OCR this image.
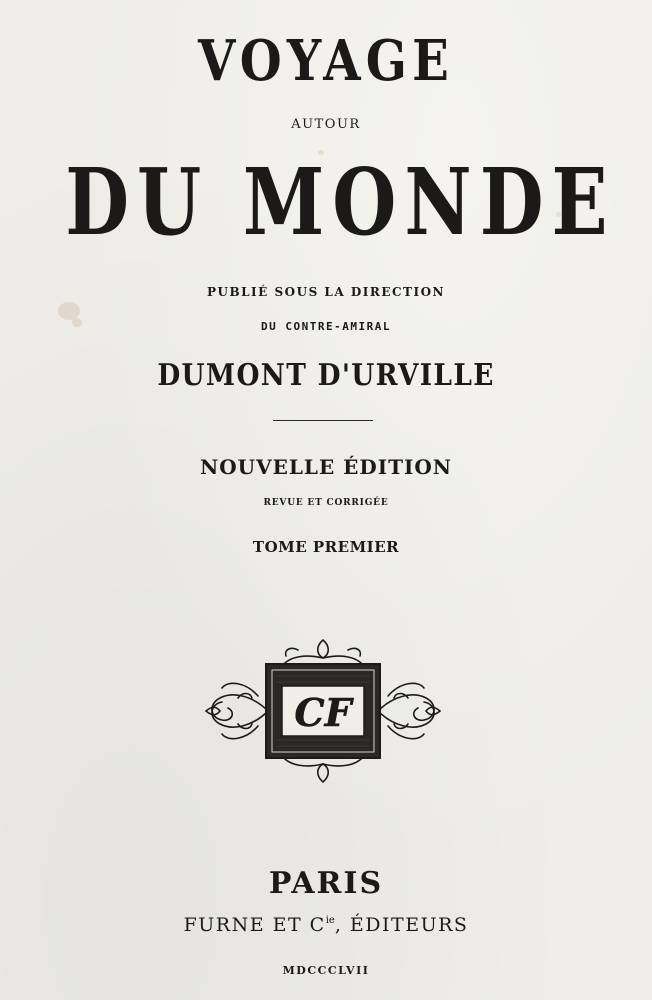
VOYAGE
AUTOUR
DU MONDE
PUBLIÉ SOUS LA DIRECTION
DU CONTRE-AMIRAL
DUMONT D'URVILLE
NOUVELLE ÉDITION
REVUE ET CORRIGÉE
TOME PREMIER
CF
PARIS
FURNE ET $C^{ie}$, ÉDITEURS
MDCCCLVII
